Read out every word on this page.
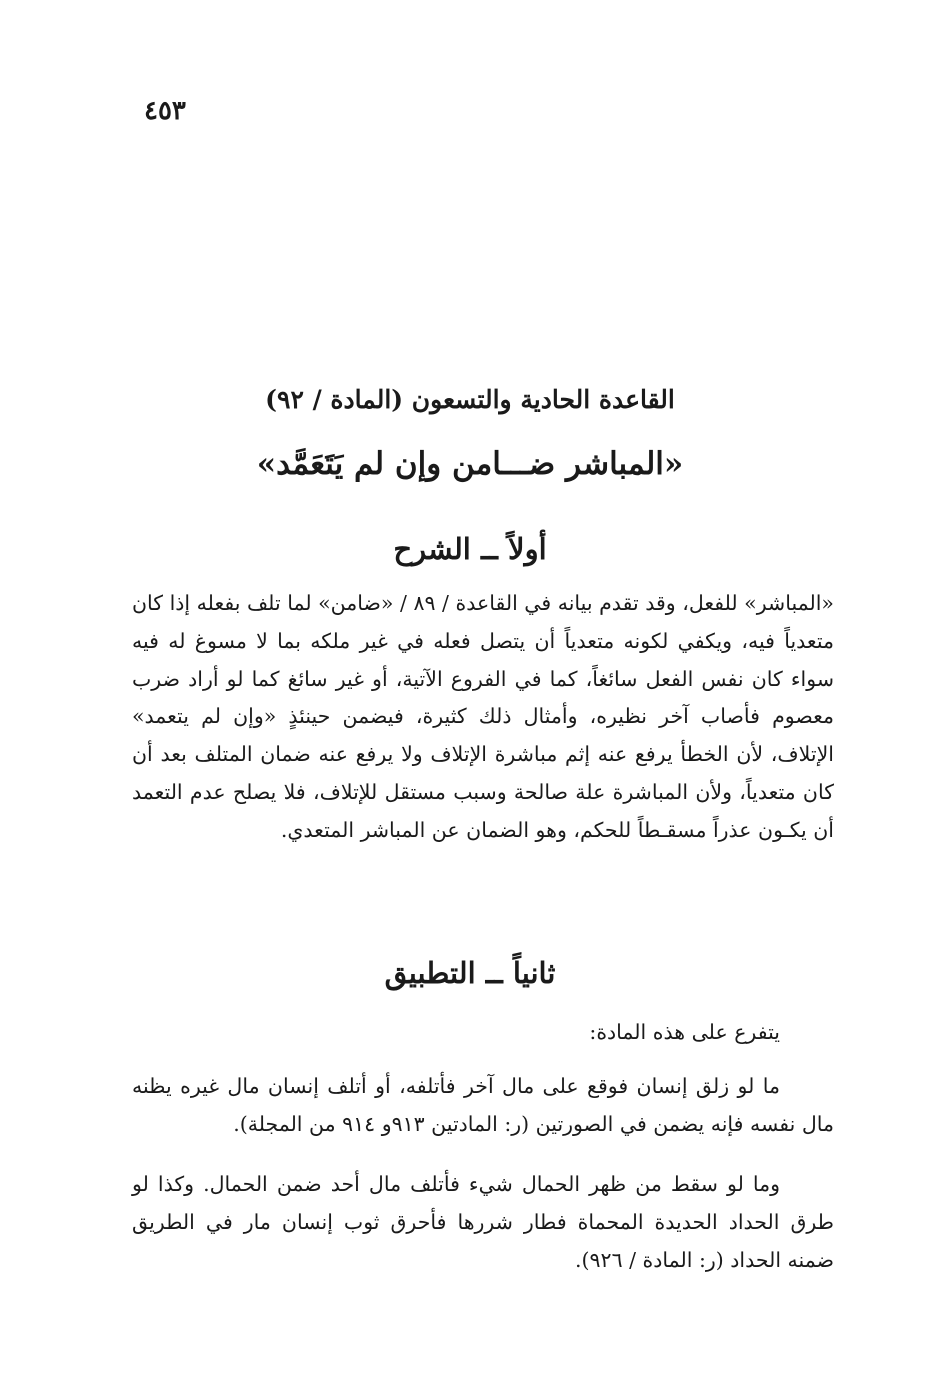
٤٥٣
القاعدة الحادية والتسعون (المادة / ٩٢)
«المباشر ضـــامن وإن لم يَتَعَمَّد»
أولاً ــ الشرح

«المباشر» للفعل، وقد تقدم بيانه في القاعدة / ٨٩ / «ضامن» لما تلف بفعله إذا كان متعدياً فيه، ويكفي لكونه متعدياً أن يتصل فعله في غير ملكه بما لا مسوغ له فيه سواء كان نفس الفعل سائغاً، كما في الفروع الآتية، أو غير سائغ كما لو أراد ضرب معصوم فأصاب آخر نظيره، وأمثال ذلك كثيرة، فيضمن حينئذٍ «وإن لم يتعمد» الإتلاف، لأن الخطأ يرفع عنه إثم مباشرة الإتلاف ولا يرفع عنه ضمان المتلف بعد أن كان متعدياً، ولأن المباشرة علة صالحة وسبب مستقل للإتلاف، فلا يصلح عدم التعمد أن يكـون عذراً مسقـطاً للحكم، وهو الضمان عن المباشر المتعدي.

ثانياً ــ التطبيق

يتفرع على هذه المادة:

ما لو زلق إنسان فوقع على مال آخر فأتلفه، أو أتلف إنسان مال غيره يظنه مال نفسه فإنه يضمن في الصورتين (ر: المادتين ٩١٣و ٩١٤ من المجلة).

وما لو سقط من ظهر الحمال شيء فأتلف مال أحد ضمن الحمال. وكذا لو طرق الحداد الحديدة المحماة فطار شررها فأحرق ثوب إنسان مار في الطريق ضمنه الحداد (ر: المادة / ٩٢٦).
